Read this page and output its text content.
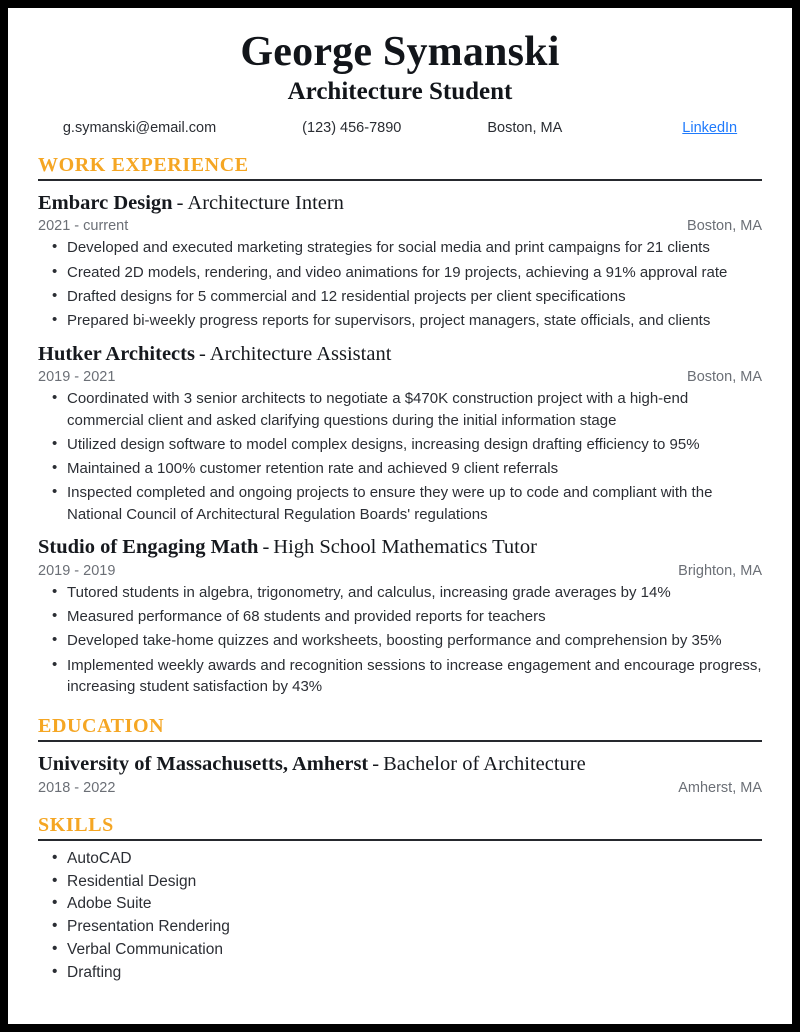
George Symanski
Architecture Student
g.symanski@email.com	(123) 456-7890	Boston, MA	LinkedIn
WORK EXPERIENCE
Embarc Design - Architecture Intern
2021 - current	Boston, MA
• Developed and executed marketing strategies for social media and print campaigns for 21 clients
• Created 2D models, rendering, and video animations for 19 projects, achieving a 91% approval rate
• Drafted designs for 5 commercial and 12 residential projects per client specifications
• Prepared bi-weekly progress reports for supervisors, project managers, state officials, and clients
Hutker Architects - Architecture Assistant
2019 - 2021	Boston, MA
• Coordinated with 3 senior architects to negotiate a $470K construction project with a high-end commercial client and asked clarifying questions during the initial information stage
• Utilized design software to model complex designs, increasing design drafting efficiency to 95%
• Maintained a 100% customer retention rate and achieved 9 client referrals
• Inspected completed and ongoing projects to ensure they were up to code and compliant with the National Council of Architectural Regulation Boards' regulations
Studio of Engaging Math - High School Mathematics Tutor
2019 - 2019	Brighton, MA
• Tutored students in algebra, trigonometry, and calculus, increasing grade averages by 14%
• Measured performance of 68 students and provided reports for teachers
• Developed take-home quizzes and worksheets, boosting performance and comprehension by 35%
• Implemented weekly awards and recognition sessions to increase engagement and encourage progress, increasing student satisfaction by 43%
EDUCATION
University of Massachusetts, Amherst - Bachelor of Architecture
2018 - 2022	Amherst, MA
SKILLS
• AutoCAD
• Residential Design
• Adobe Suite
• Presentation Rendering
• Verbal Communication
• Drafting
